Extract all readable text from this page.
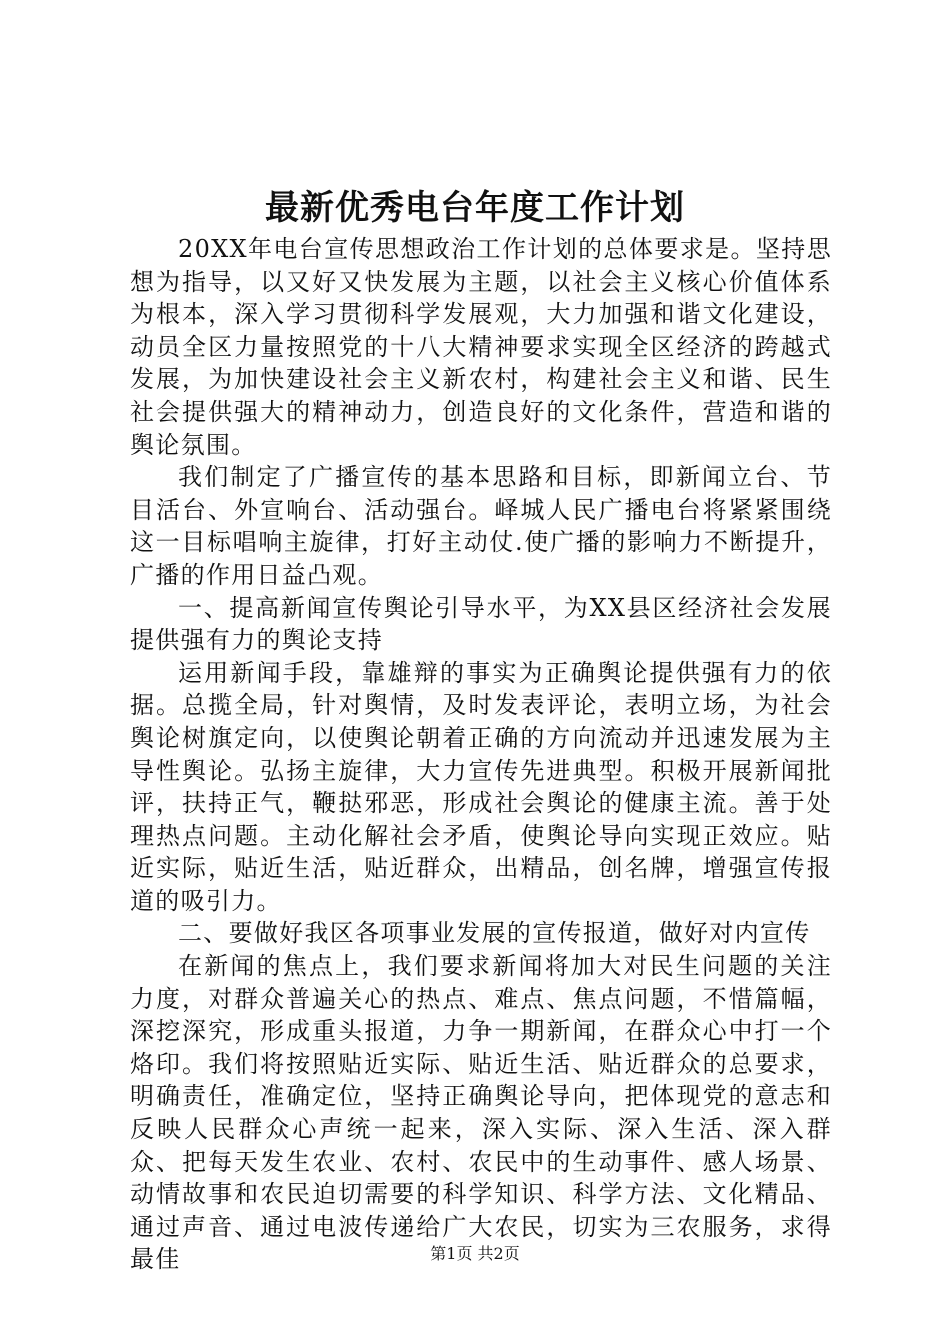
最新优秀电台年度工作计划

20XX年电台宣传思想政治工作计划的总体要求是。坚持思想为指导，以又好又快发展为主题，以社会主义核心价值体系为根本，深入学习贯彻科学发展观，大力加强和谐文化建设，动员全区力量按照党的十八大精神要求实现全区经济的跨越式发展，为加快建设社会主义新农村，构建社会主义和谐、民生社会提供强大的精神动力，创造良好的文化条件，营造和谐的舆论氛围。

我们制定了广播宣传的基本思路和目标，即新闻立台、节目活台、外宣响台、活动强台。峄城人民广播电台将紧紧围绕这一目标唱响主旋律，打好主动仗.使广播的影响力不断提升，广播的作用日益凸观。

一、提高新闻宣传舆论引导水平，为XX县区经济社会发展提供强有力的舆论支持

运用新闻手段，靠雄辩的事实为正确舆论提供强有力的依据。总揽全局，针对舆情，及时发表评论，表明立场，为社会舆论树旗定向，以使舆论朝着正确的方向流动并迅速发展为主导性舆论。弘扬主旋律，大力宣传先进典型。积极开展新闻批评，扶持正气，鞭挞邪恶，形成社会舆论的健康主流。善于处理热点问题。主动化解社会矛盾，使舆论导向实现正效应。贴近实际，贴近生活，贴近群众，出精品，创名牌，增强宣传报道的吸引力。

二、要做好我区各项事业发展的宣传报道，做好对内宣传

在新闻的焦点上，我们要求新闻将加大对民生问题的关注力度，对群众普遍关心的热点、难点、焦点问题，不惜篇幅，深挖深究，形成重头报道，力争一期新闻，在群众心中打一个烙印。我们将按照贴近实际、贴近生活、贴近群众的总要求，明确责任，准确定位，坚持正确舆论导向，把体现党的意志和反映人民群众心声统一起来，深入实际、深入生活、深入群众、把每天发生农业、农村、农民中的生动事件、感人场景、动情故事和农民迫切需要的科学知识、科学方法、文化精品、通过声音、通过电波传递给广大农民，切实为三农服务，求得最佳	第1页 共2页
